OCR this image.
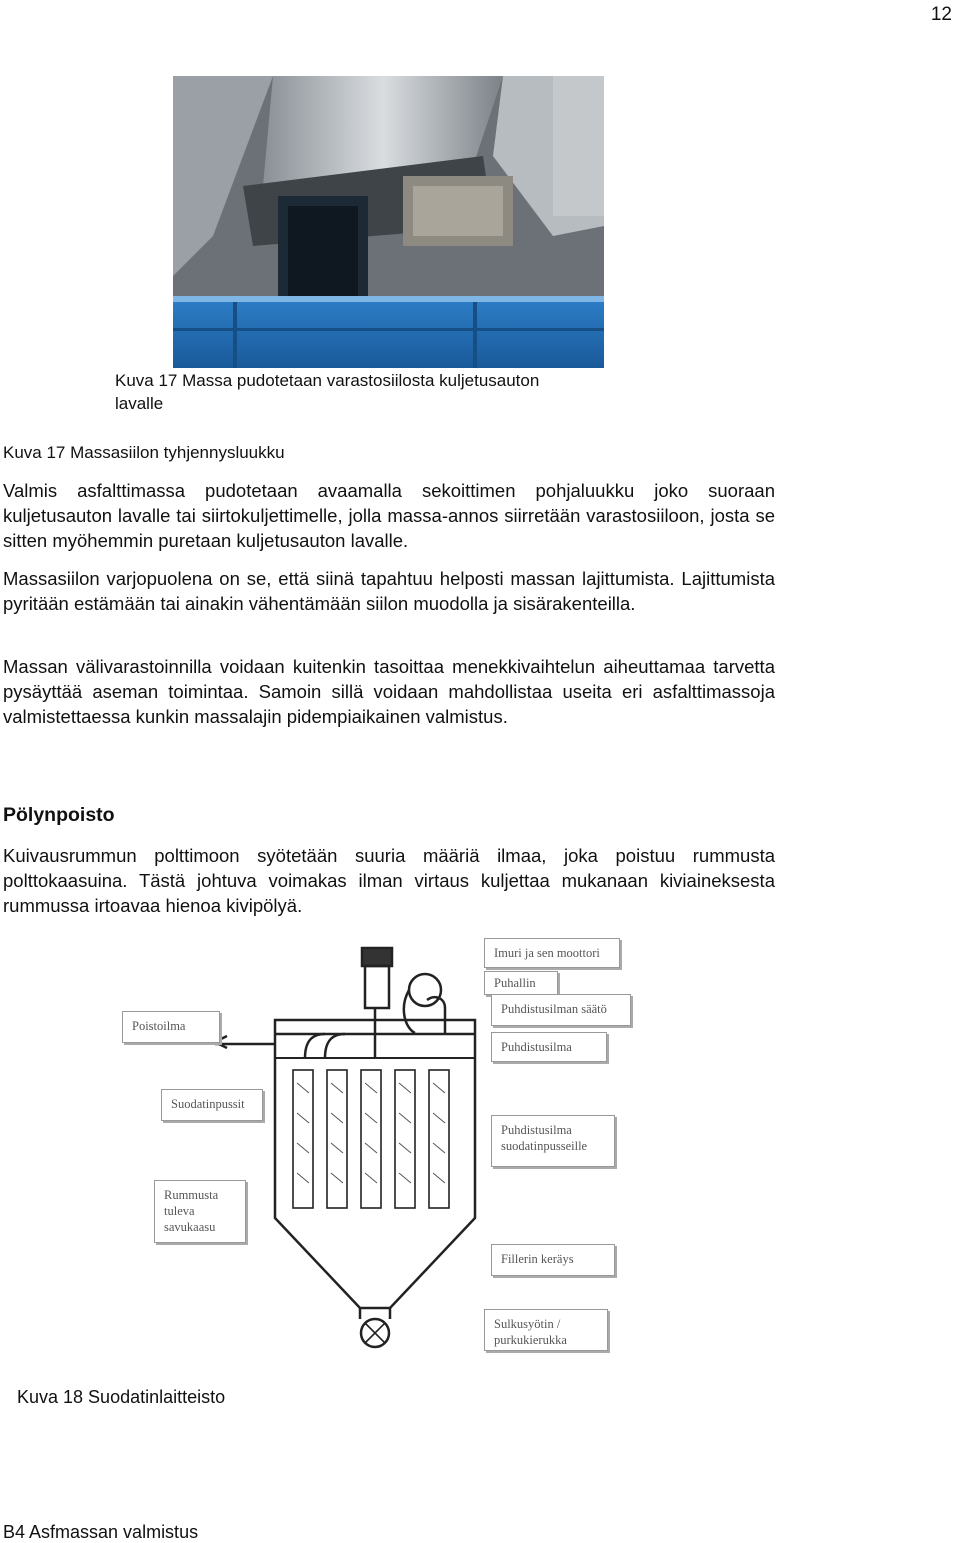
12
Kuva 17 Massa pudotetaan varastosiilosta kuljetusauton
lavalle
Kuva 17 Massasiilon tyhjennysluukku

Valmis asfalttimassa pudotetaan avaamalla sekoittimen pohjaluukku joko suoraan kuljetusauton lavalle tai siirtokuljettimelle, jolla massa-annos siirretään varastosiiloon, josta se sitten myöhemmin puretaan kuljetusauton lavalle.

Massasiilon varjopuolena on se, että siinä tapahtuu helposti massan lajittumista. Lajittumista pyritään estämään tai ainakin vähentämään siilon muodolla ja sisärakenteilla.

Massan välivarastoinnilla voidaan kuitenkin tasoittaa menekkivaihtelun aiheuttamaa tarvetta pysäyttää aseman toimintaa. Samoin sillä voidaan mahdollistaa useita eri asfalttimassoja valmistettaessa kunkin massalajin pidempiaikainen valmistus.

Pölynpoisto

Kuivausrummun polttimoon syötetään suuria määriä ilmaa, joka poistuu rummusta polttokaasuina. Tästä johtuva voimakas ilman virtaus kuljettaa mukanaan kiviaineksesta rummussa irtoavaa hienoa kivipölyä.

Imuri ja sen moottori
Puhallin
Puhdistusilman säätö
Puhdistusilma
Poistoilma
Suodatinpussit
Puhdistusilma suodatinpusseille
Rummusta tuleva savukaasu
Fillerin keräys
Sulkusyötin / purkukierukka
Kuva 18 Suodatinlaitteisto
B4 Asfmassan valmistus
